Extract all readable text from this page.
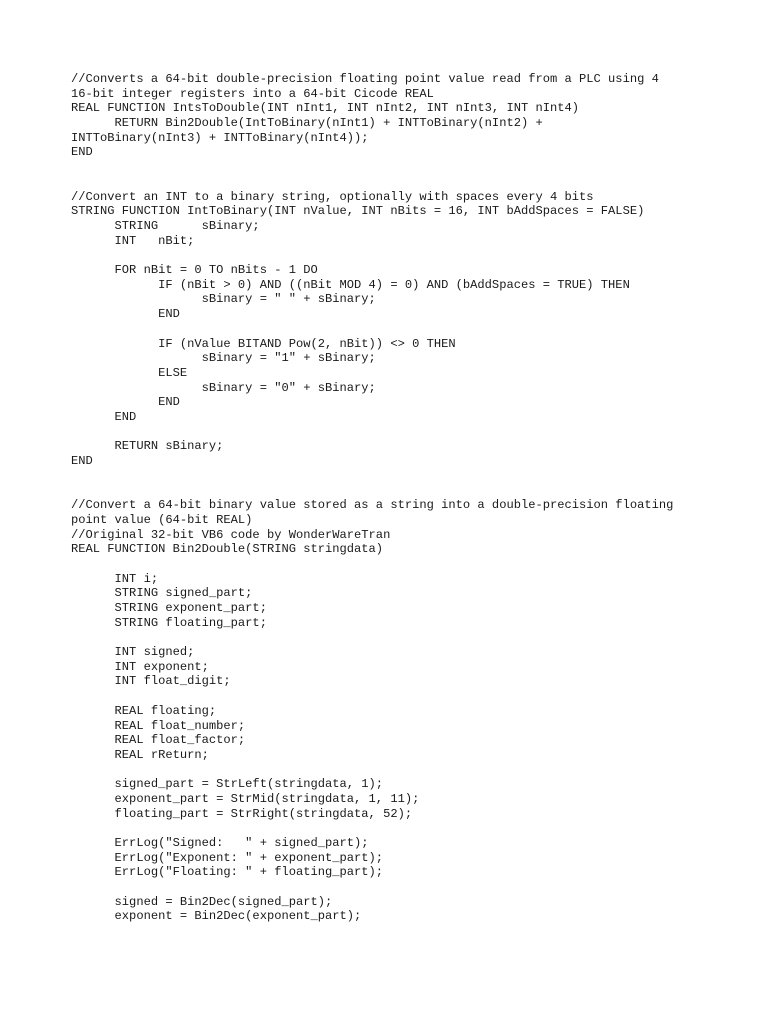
//Converts a 64-bit double-precision floating point value read from a PLC using 4
16-bit integer registers into a 64-bit Cicode REAL
REAL FUNCTION IntsToDouble(INT nInt1, INT nInt2, INT nInt3, INT nInt4)
RETURN Bin2Double(IntToBinary(nInt1) + INTToBinary(nInt2) +
INTToBinary(nInt3) + INTToBinary(nInt4));
END
//Convert an INT to a binary string, optionally with spaces every 4 bits
STRING FUNCTION IntToBinary(INT nValue, INT nBits = 16, INT bAddSpaces = FALSE)
STRING      sBinary;
INT   nBit;
FOR nBit = 0 TO nBits - 1 DO
IF (nBit > 0) AND ((nBit MOD 4) = 0) AND (bAddSpaces = TRUE) THEN
sBinary = " " + sBinary;
END
IF (nValue BITAND Pow(2, nBit)) <> 0 THEN
sBinary = "1" + sBinary;
ELSE
sBinary = "0" + sBinary;
END
END
RETURN sBinary;
END
//Convert a 64-bit binary value stored as a string into a double-precision floating
point value (64-bit REAL)
//Original 32-bit VB6 code by WonderWareTran
REAL FUNCTION Bin2Double(STRING stringdata)
INT i;
STRING signed_part;
STRING exponent_part;
STRING floating_part;
INT signed;
INT exponent;
INT float_digit;
REAL floating;
REAL float_number;
REAL float_factor;
REAL rReturn;
signed_part = StrLeft(stringdata, 1);
exponent_part = StrMid(stringdata, 1, 11);
floating_part = StrRight(stringdata, 52);
ErrLog("Signed:   " + signed_part);
ErrLog("Exponent: " + exponent_part);
ErrLog("Floating: " + floating_part);
signed = Bin2Dec(signed_part);
exponent = Bin2Dec(exponent_part);
